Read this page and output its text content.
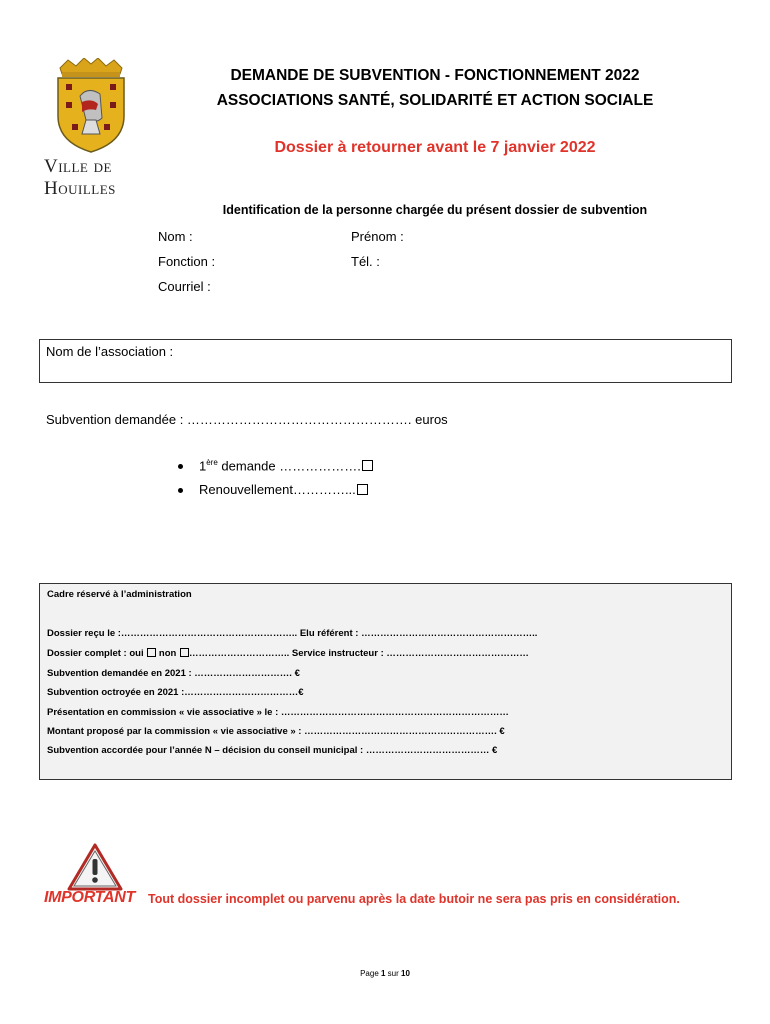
Ville de
Houilles
DEMANDE DE SUBVENTION - FONCTIONNEMENT 2022
ASSOCIATIONS SANTÉ, SOLIDARITÉ ET ACTION SOCIALE
Dossier à retourner avant le 7 janvier 2022
Identification de la personne chargée du présent dossier de subvention
Nom :	Prénom :
Fonction :	Tél. :
Courriel :
Nom de l’association :
Subvention demandée : ……………………………………………. euros
1ère demande ……………….
Renouvellement…………...
Cadre réservé à l’administration
Dossier reçu le :……………………………………………….. Elu référent : ………………………………………………..
Dossier complet : oui  non ………………………….. Service instructeur : ………………………………………
Subvention demandée en 2021 : …………………………. €
Subvention octroyée en 2021 :………………………………€
Présentation en commission « vie associative » le : ………………………………………………………………
Montant proposé par la commission « vie associative » : ……………………………………………………. €
Subvention accordée pour l’année N – décision du conseil municipal : ………………………………… €
IMPORTANT Tout dossier incomplet ou parvenu après la date butoir ne sera pas pris en considération.
Page 1 sur 10
